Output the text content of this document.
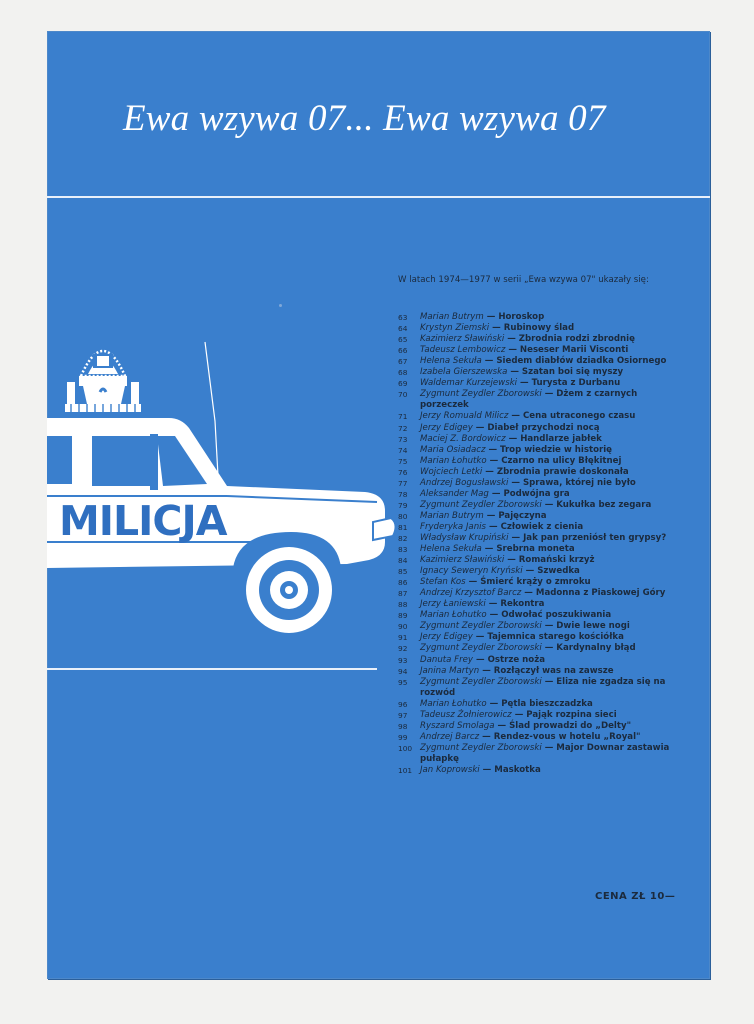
Ewa wzywa 07... Ewa wzywa 07
MILICJA
W latach 1974—1977 w serii „Ewa wzywa 07" ukazały się:
63 Marian Butrym — Horoskop
64 Krystyn Ziemski — Rubinowy ślad
65 Kazimierz Sławiński — Zbrodnia rodzi zbrodnię
66 Tadeusz Lembowicz — Neseser Marii Visconti
67 Helena Sekuła — Siedem diabłów dziadka Osiornego
68 Izabela Gierszewska — Szatan boi się myszy
69 Waldemar Kurzejewski — Turysta z Durbanu
70 Zygmunt Zeydler Zborowski — Dżem z czarnych porzeczek
71 Jerzy Romuald Milicz — Cena utraconego czasu
72 Jerzy Edigey — Diabeł przychodzi nocą
73 Maciej Z. Bordowicz — Handlarze jabłek
74 Maria Osiadacz — Trop wiedzie w historię
75 Marian Łohutko — Czarno na ulicy Błękitnej
76 Wojciech Letki — Zbrodnia prawie doskonała
77 Andrzej Bogusławski — Sprawa, której nie było
78 Aleksander Mag — Podwójna gra
79 Zygmunt Zeydler Zborowski — Kukułka bez zegara
80 Marian Butrym — Pajęczyna
81 Fryderyka Janis — Człowiek z cienia
82 Władysław Krupiński — Jak pan przeniósł ten grypsy?
83 Helena Sekuła — Srebrna moneta
84 Kazimierz Sławiński — Romański krzyż
85 Ignacy Seweryn Kryński — Szwedka
86 Stefan Kos — Śmierć krąży o zmroku
87 Andrzej Krzysztof Barcz — Madonna z Piaskowej Góry
88 Jerzy Łaniewski — Rekontra
89 Marian Łohutko — Odwołać poszukiwania
90 Zygmunt Zeydler Zborowski — Dwie lewe nogi
91 Jerzy Edigey — Tajemnica starego kościółka
92 Zygmunt Zeydler Zborowski — Kardynalny błąd
93 Danuta Frey — Ostrze noża
94 Janina Martyn — Rozłączył was na zawsze
95 Zygmunt Zeydler Zborowski — Eliza nie zgadza się na rozwód
96 Marian Łohutko — Pętla bieszczadzka
97 Tadeusz Żołnierowicz — Pająk rozpina sieci
98 Ryszard Smolaga — Ślad prowadzi do „Delty"
99 Andrzej Barcz — Rendez-vous w hotelu „Royal"
100 Zygmunt Zeydler Zborowski — Major Downar zastawia pułapkę
101 Jan Koprowski — Maskotka
CENA ZŁ 10—
